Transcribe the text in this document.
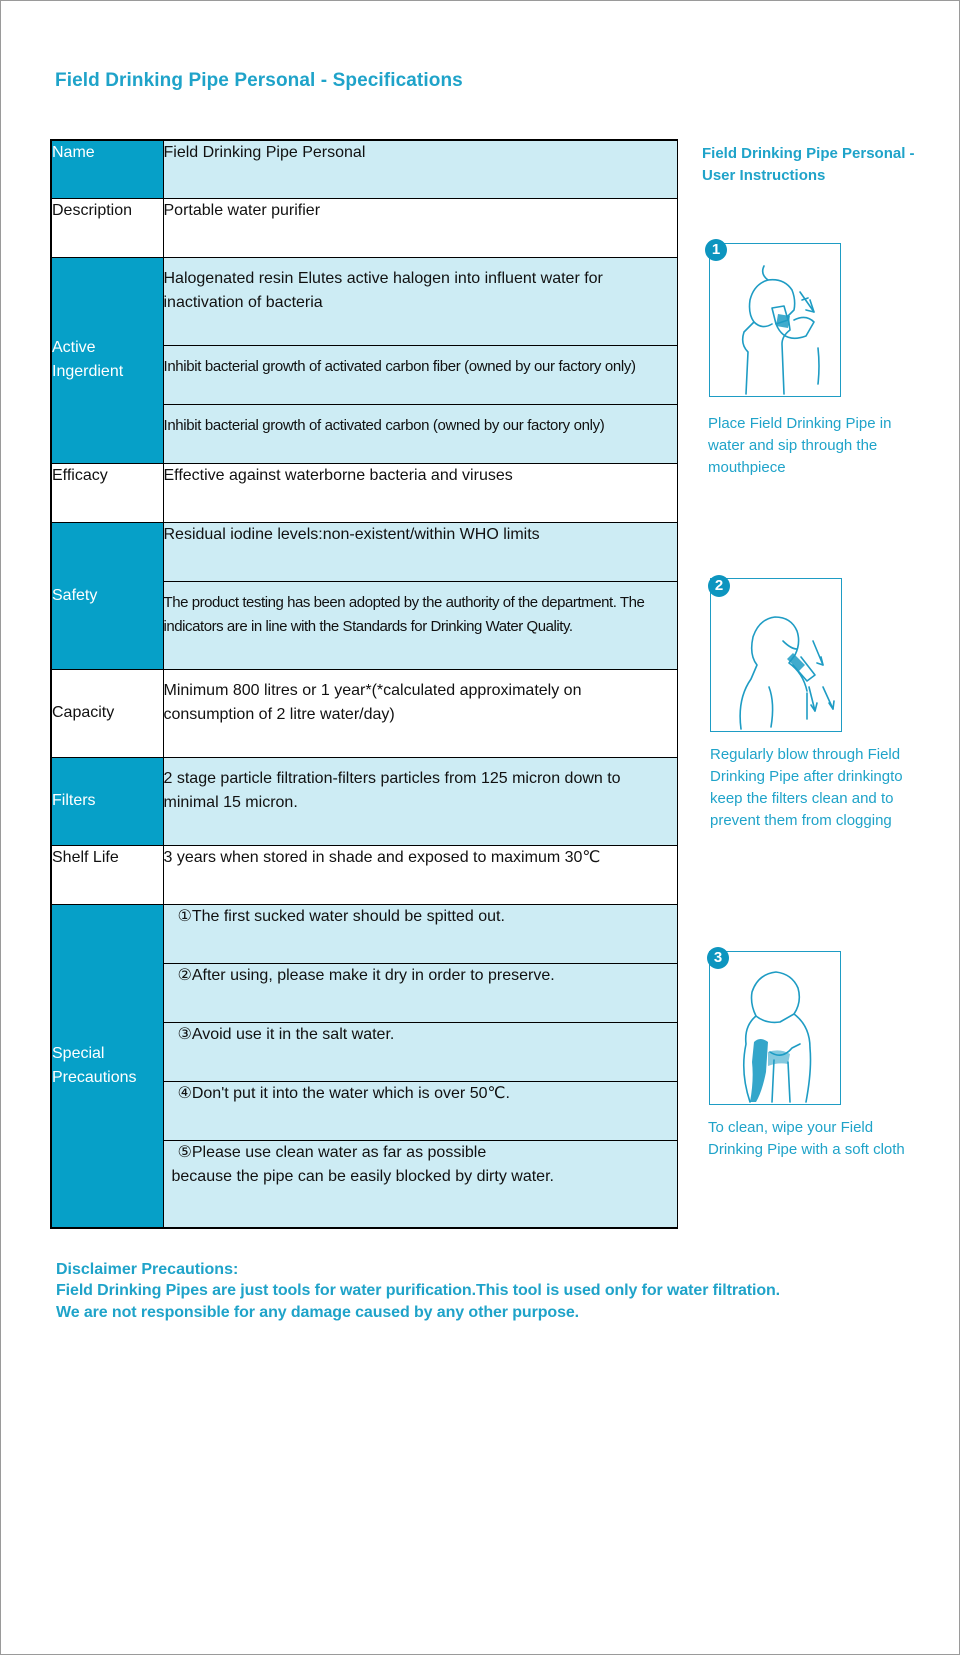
Field Drinking Pipe Personal - Specifications
Name	Field Drinking Pipe Personal
Description	Portable water purifier
Active Ingerdient	Halogenated resin Elutes active halogen into influent water for inactivation of bacteria
	Inhibit bacterial growth of activated carbon fiber (owned by our factory only)
	Inhibit bacterial growth of activated carbon (owned by our factory only)
Efficacy	Effective against waterborne bacteria and viruses
Safety	Residual iodine levels:non-existent/within WHO limits
	The product testing has been adopted by the authority of the department. The indicators are in line with the Standards for Drinking Water Quality.
Capacity	Minimum 800 litres or 1 year*(*calculated approximately on consumption of 2 litre water/day)
Filters	2 stage particle filtration-filters particles from 125 micron down to minimal 15 micron.
Shelf Life	3 years when stored in shade and exposed to maximum 30℃
Special Precautions	①The first sucked water should be spitted out.
	②After using, please make it dry in order to preserve.
	③Avoid use it in the salt water.
	④Don't put it into the water which is over 50℃.

	⑤Please use clean water as far as possible
because the pipe can be easily blocked by dirty water.

Field Drinking Pipe Personal - User Instructions

1

Place Field Drinking Pipe in water and sip through the mouthpiece

2

Regularly blow through Field Drinking Pipe after drinkingto keep the filters clean and to prevent them from clogging

3

To clean, wipe your Field Drinking Pipe with a soft cloth

Disclaimer Precautions:

Field Drinking Pipes are just tools for water purification.This tool is used only for water filtration.

We are not responsible for any damage caused by any other purpose.
